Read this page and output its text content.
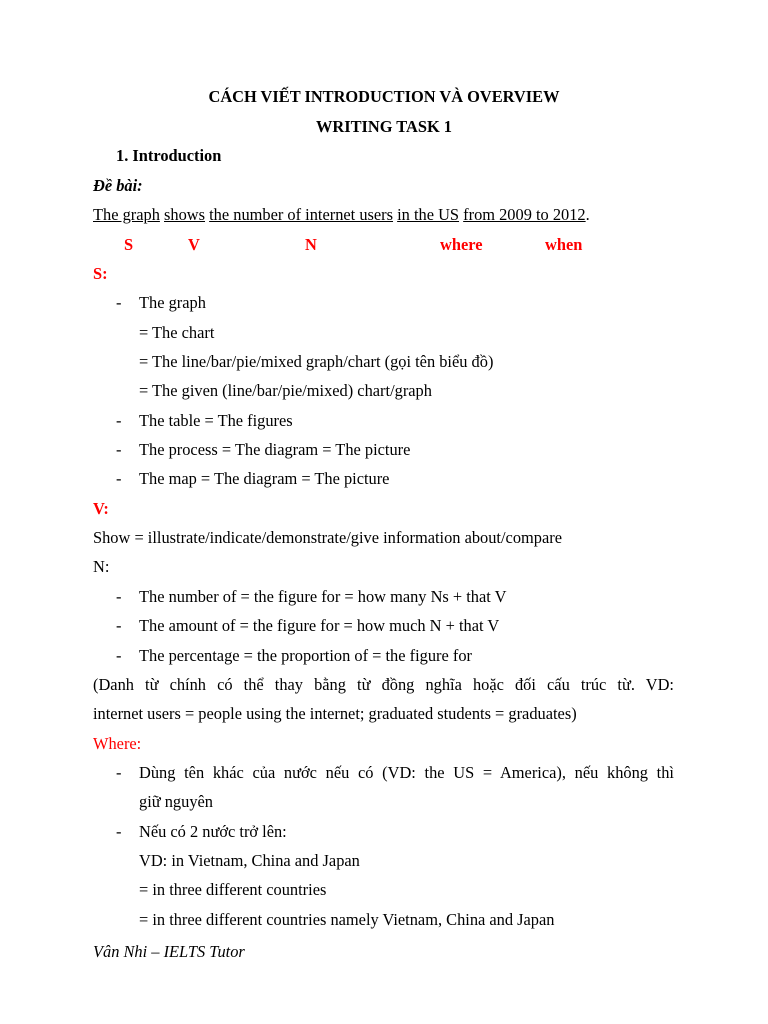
CÁCH VIẾT INTRODUCTION VÀ OVERVIEW
WRITING TASK 1
1. Introduction
Đề bài:
The graph shows the number of internet users in the US from 2009 to 2012.
S	V	N	where	when
S:
- The graph
= The chart
= The line/bar/pie/mixed graph/chart (gọi tên biểu đồ)
= The given (line/bar/pie/mixed) chart/graph
- The table = The figures
- The process = The diagram = The picture
- The map = The diagram = The picture
V:
Show = illustrate/indicate/demonstrate/give information about/compare
N:
- The number of = the figure for = how many Ns + that V
- The amount of = the figure for = how much N + that V
- The percentage = the proportion of = the figure for
(Danh từ chính có thể thay bằng từ đồng nghĩa hoặc đối cấu trúc từ. VD:
internet users = people using the internet; graduated students = graduates)
Where:
- Dùng tên khác của nước nếu có (VD: the US = America), nếu không thì
giữ nguyên
- Nếu có 2 nước trở lên:
VD: in Vietnam, China and Japan
= in three different countries
= in three different countries namely Vietnam, China and Japan
Vân Nhi – IELTS Tutor
